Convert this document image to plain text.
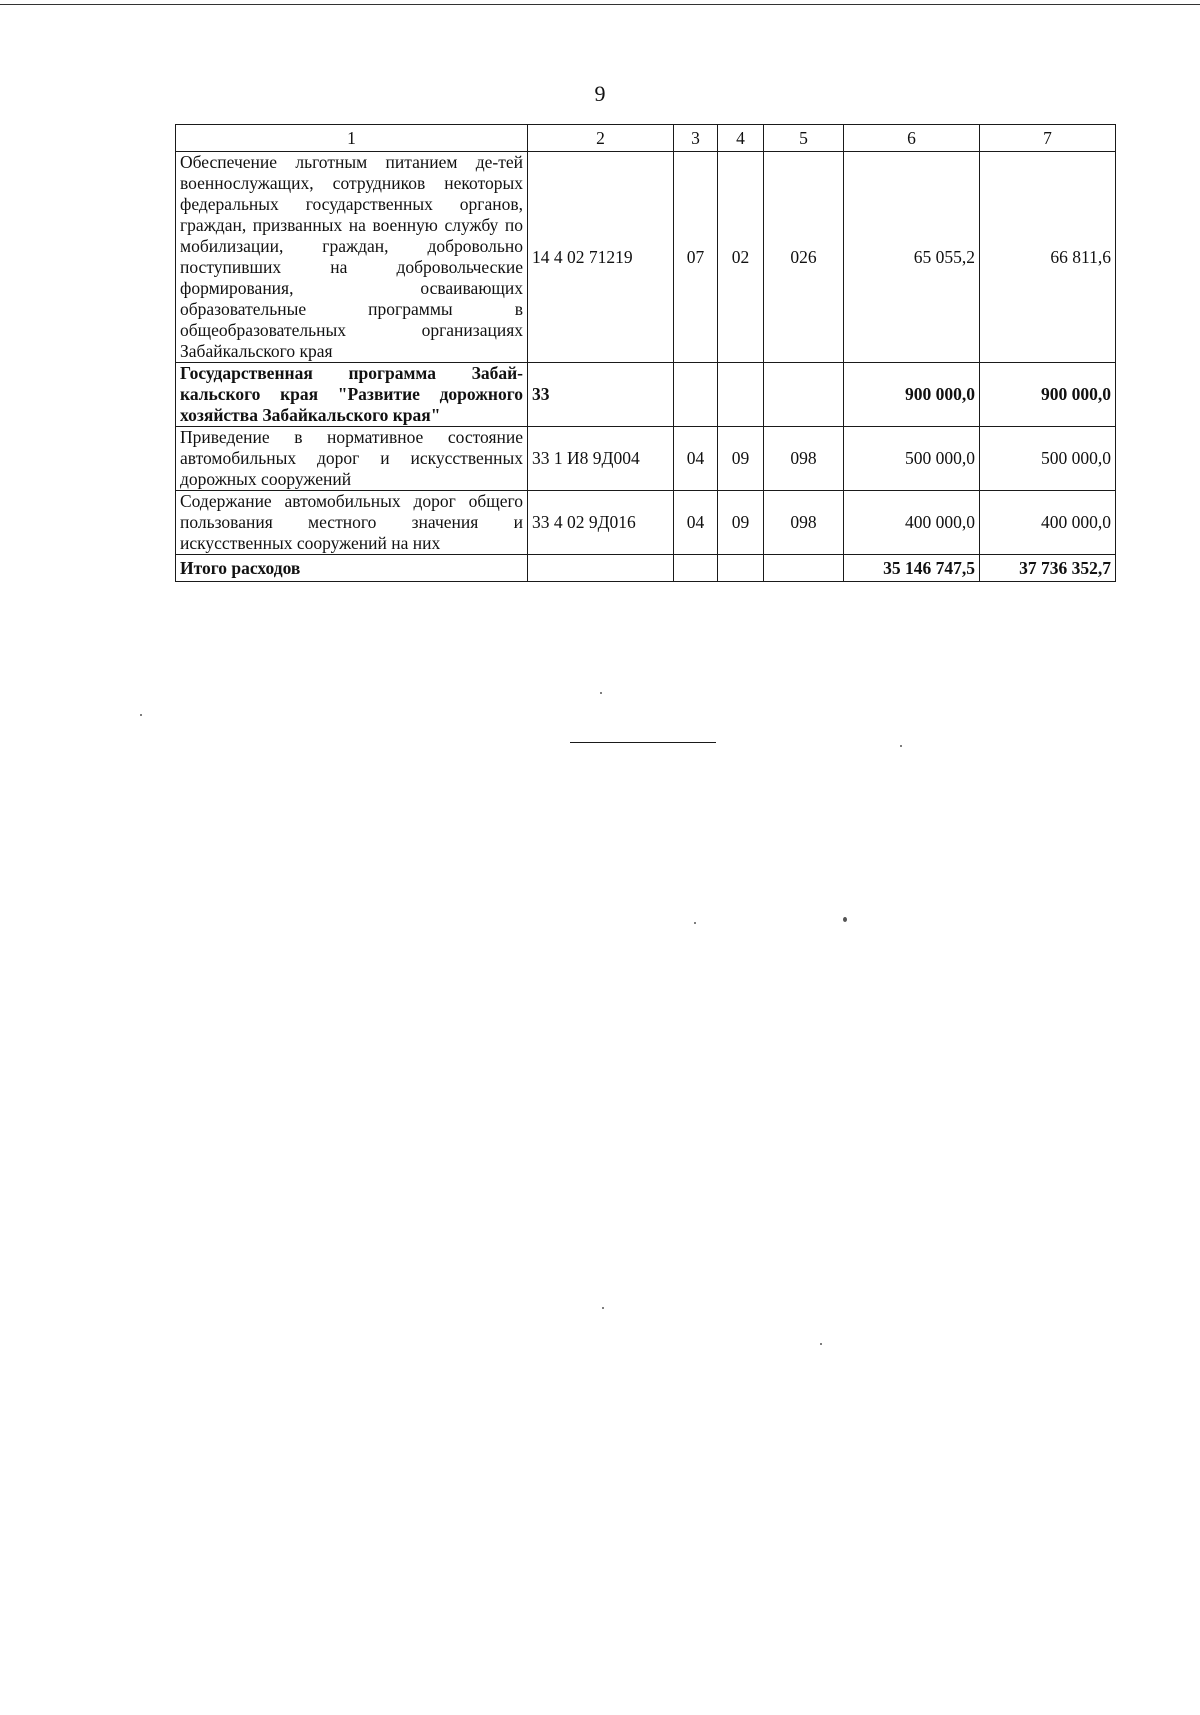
9
1	2	3	4	5	6	7
Обеспечение льготным питанием де-тей военнослужащих, сотрудников некоторых федеральных государственных органов, граждан, призванных на военную службу по мобилизации, граждан, добровольно поступивших на добровольческие формирования, осваивающих образовательные программы в общеобразовательных организациях Забайкальского края	14 4 02 71219	07	02	026	65 055,2	66 811,6
Государственная программа Забайкальского края "Развитие дорожного хозяйства Забайкальского края"	33				900 000,0	900 000,0
Приведение в нормативное состояние автомобильных дорог и искусственных дорожных сооружений	33 1 И8 9Д004	04	09	098	500 000,0	500 000,0
Содержание автомобильных дорог общего пользования местного значения и искусственных сооружений на них	33 4 02 9Д016	04	09	098	400 000,0	400 000,0
Итого расходов					35 146 747,5	37 736 352,7
